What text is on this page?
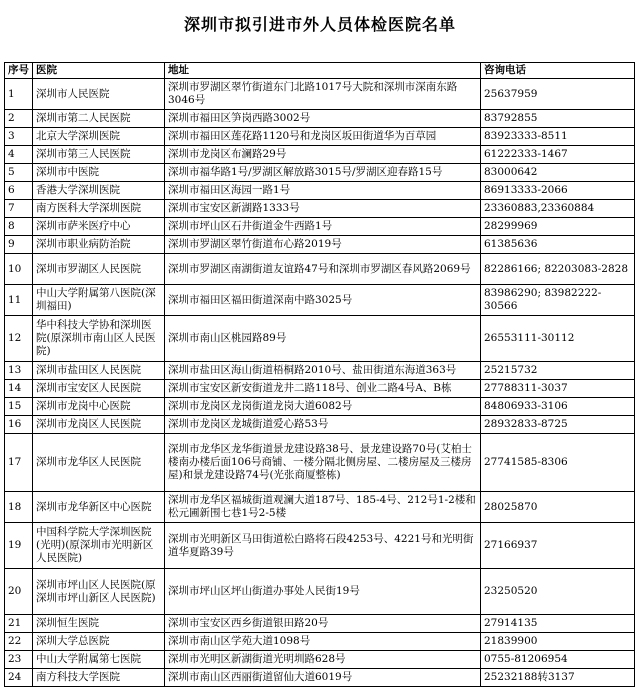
深圳市拟引进市外人员体检医院名单
序号	医院	地址	咨询电话
1	深圳市人民医院	深圳市罗湖区翠竹街道东门北路1017号大院和深圳市深南东路3046号	25637959
2	深圳市第二人民医院	深圳市福田区笋岗西路3002号	83792855
3	北京大学深圳医院	深圳市福田区莲花路1120号和龙岗区坂田街道华为百草园	83923333-8511
4	深圳市第三人民医院	深圳市龙岗区布澜路29号	61222333-1467
5	深圳市中医院	深圳市福华路1号/罗湖区解放路3015号/罗湖区迎春路15号	83000642
6	香港大学深圳医院	深圳市福田区海园一路1号	86913333-2066
7	南方医科大学深圳医院	深圳市宝安区新湖路1333号	23360883,23360884
8	深圳市萨米医疗中心	深圳市坪山区石井街道金牛西路1号	28299969
9	深圳市职业病防治院	深圳市罗湖区翠竹街道布心路2019号	61385636
10	深圳市罗湖区人民医院	深圳市罗湖区南湖街道友谊路47号和深圳市罗湖区春风路2069号	82286166; 82203083-2828
11	中山大学附属第八医院(深圳福田)	深圳市福田区福田街道深南中路3025号	83986290; 83982222-30566
12	华中科技大学协和深圳医院(原深圳市南山区人民医院)	深圳市南山区桃园路89号	26553111-30112
13	深圳市盐田区人民医院	深圳市盐田区海山街道梧桐路2010号、盐田街道东海道363号	25215732
14	深圳市宝安区人民医院	深圳市宝安区新安街道龙井二路118号、创业二路4号A、B栋	27788311-3037
15	深圳市龙岗中心医院	深圳市龙岗区龙岗街道龙岗大道6082号	84806933-3106
16	深圳市龙岗区人民医院	深圳市龙岗区龙城街道爱心路53号	28932833-8725
17	深圳市龙华区人民医院	深圳市龙华区龙华街道景龙建设路38号、景龙建设路70号(艾柏士楼南办楼后面106号商铺、一楼分隔北侧房屋、二楼房屋及三楼房屋)和景龙建设路74号(光张商厦整栋)	27741585-8306
18	深圳市龙华新区中心医院	深圳市龙华区福城街道观澜大道187号、185-4号、212号1-2楼和松元圃新围七巷1号2-5楼	28025870
19	中国科学院大学深圳医院(光明)(原深圳市光明新区人民医院)	深圳市光明新区马田街道松白路将石段4253号、4221号和光明街道华夏路39号	27166937
20	深圳市坪山区人民医院(原深圳市坪山新区人民医院)	深圳市坪山区坪山街道办事处人民街19号	23250520
21	深圳恒生医院	深圳市宝安区西乡街道银田路20号	27914135
22	深圳大学总医院	深圳市南山区学苑大道1098号	21839900
23	中山大学附属第七医院	深圳市光明区新湖街道光明圳路628号	0755-81206954
24	南方科技大学医院	深圳市南山区西丽街道留仙大道6019号	25232188转3137
